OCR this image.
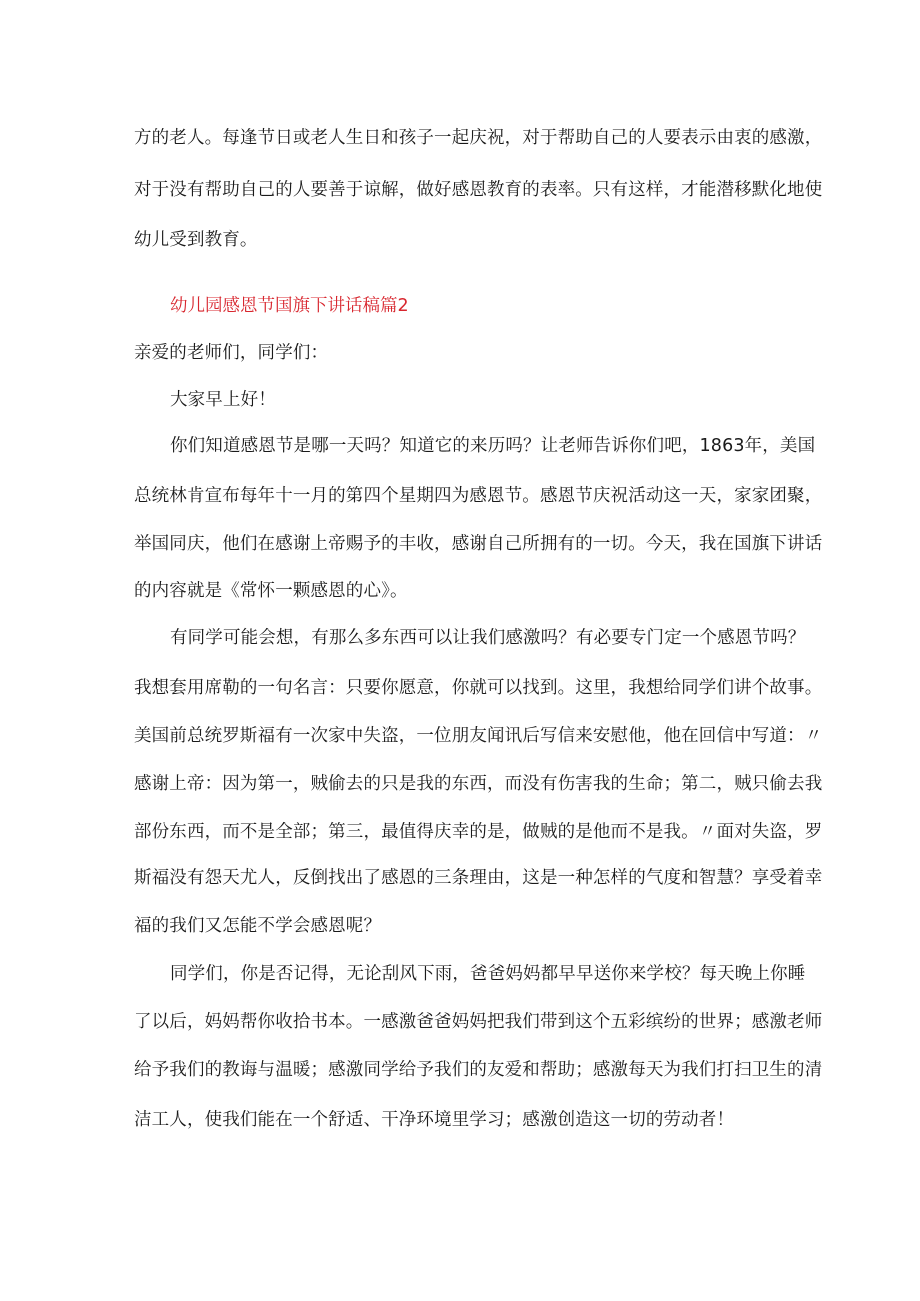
方的老人。每逢节日或老人生日和孩子一起庆祝，对于帮助自己的人要表示由衷的感激，
对于没有帮助自己的人要善于谅解，做好感恩教育的表率。只有这样，才能潜移默化地使
幼儿受到教育。
幼儿园感恩节国旗下讲话稿篇2
亲爱的老师们，同学们：
大家早上好！
你们知道感恩节是哪一天吗？知道它的来历吗？让老师告诉你们吧，1863年，美国
总统林肯宣布每年十一月的第四个星期四为感恩节。感恩节庆祝活动这一天，家家团聚，
举国同庆，他们在感谢上帝赐予的丰收，感谢自己所拥有的一切。今天，我在国旗下讲话
的内容就是《常怀一颗感恩的心》。
有同学可能会想，有那么多东西可以让我们感激吗？有必要专门定一个感恩节吗？
我想套用席勒的一句名言：只要你愿意，你就可以找到。这里，我想给同学们讲个故事。
美国前总统罗斯福有一次家中失盗，一位朋友闻讯后写信来安慰他，他在回信中写道：〃
感谢上帝：因为第一，贼偷去的只是我的东西，而没有伤害我的生命；第二，贼只偷去我
部份东西，而不是全部；第三，最值得庆幸的是，做贼的是他而不是我。〃面对失盗，罗
斯福没有怨天尤人，反倒找出了感恩的三条理由，这是一种怎样的气度和智慧？享受着幸
福的我们又怎能不学会感恩呢？
同学们，你是否记得，无论刮风下雨，爸爸妈妈都早早送你来学校？每天晚上你睡
了以后，妈妈帮你收拾书本。一感激爸爸妈妈把我们带到这个五彩缤纷的世界；感激老师
给予我们的教诲与温暖；感激同学给予我们的友爱和帮助；感激每天为我们打扫卫生的清
洁工人，使我们能在一个舒适、干净环境里学习；感激创造这一切的劳动者！
